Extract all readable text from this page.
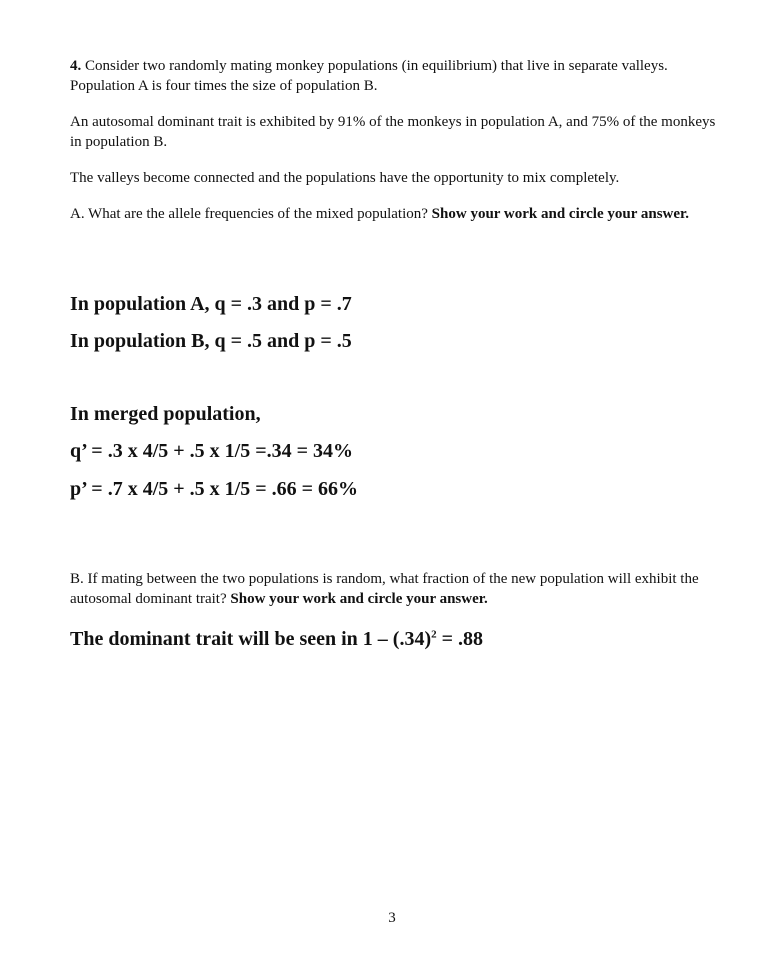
4. Consider two randomly mating monkey populations (in equilibrium) that live in separate valleys. Population A is four times the size of population B.

An autosomal dominant trait is exhibited by 91% of the monkeys in population A, and 75% of the monkeys in population B.

The valleys become connected and the populations have the opportunity to mix completely.

A. What are the allele frequencies of the mixed population? Show your work and circle your answer.

In population A, q = .3 and p = .7
In population B, q = .5 and p = .5
In merged population,
q’ = .3 x 4/5 + .5 x 1/5 =.34 = 34%
p’ = .7 x 4/5 + .5 x 1/5 = .66 = 66%

B. If mating between the two populations is random, what fraction of the new population will exhibit the autosomal dominant trait? Show your work and circle your answer.

The dominant trait will be seen in $1 - (.34)^2 = .88$
3
